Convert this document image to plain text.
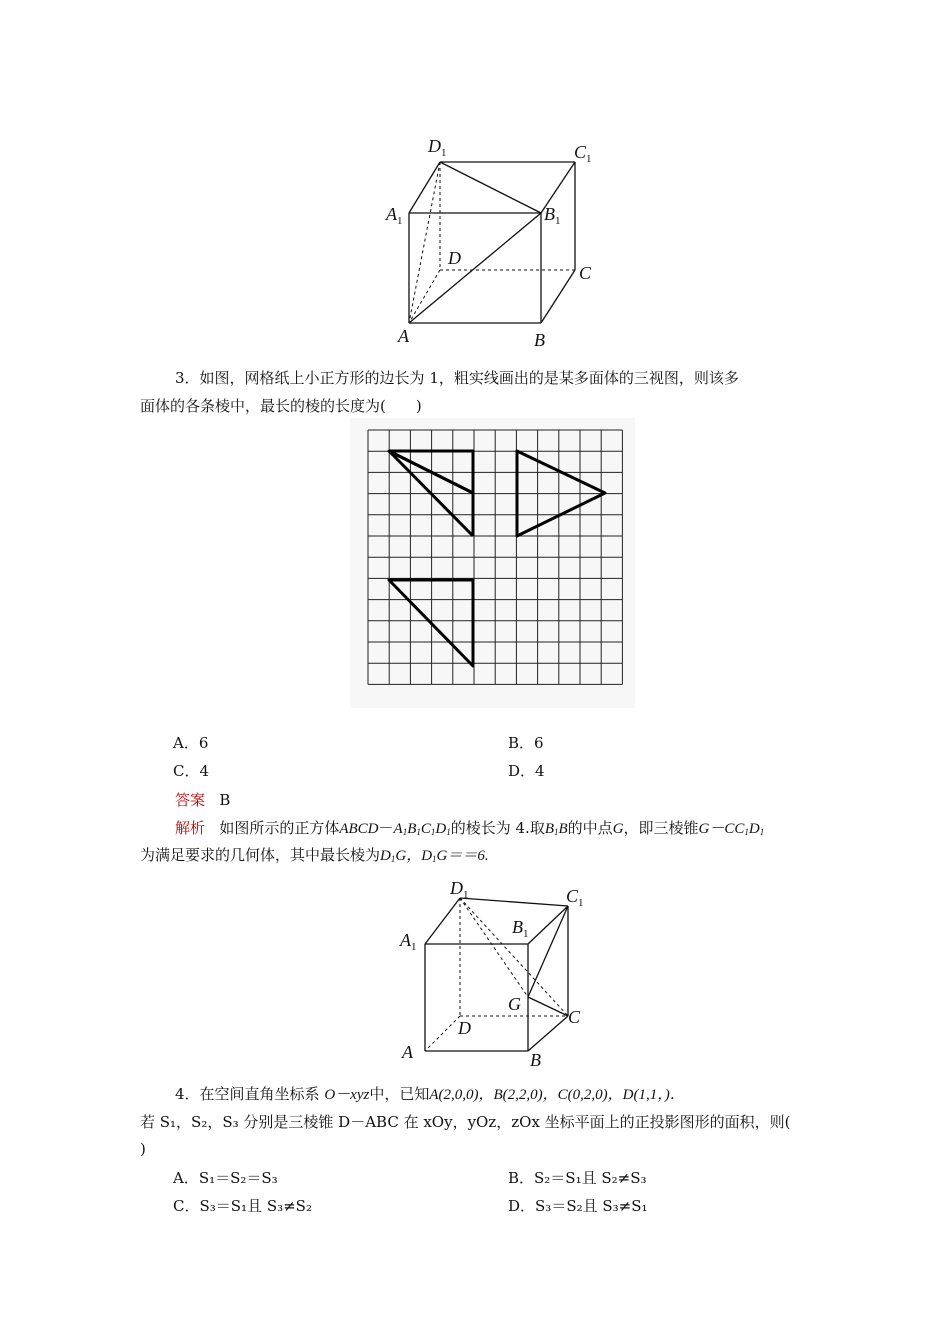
$D_1$	$C_1$
$A_1$	$B_1$
D
C
A	B
3．如图，网格纸上小正方形的边长为 1，粗实线画出的是某多面体的三视图，则该多
面体的各条棱中，最长的棱的长度为(　　)
A．6	B．6
C．4	D．4
答案 B
解析 如图所示的正方体$ABCD-A_1B_1C_1D_1$的棱长为 4.取$B_1B$的中点G，即三棱锥$G-CC_1D_1$
为满足要求的几何体，其中最长棱为$D_1G$，$D_1G==6$.
$D_1$	$C_1$
$A_1$
$B_1$
G
C
D
A	B
4．在空间直角坐标系 O－xyz中，已知A(2,0,0)，B(2,2,0)，C(0,2,0)，D(1,1，)．
若 S₁，S₂，S₃ 分别是三棱锥 D－ABC 在 xOy，yOz，zOx 坐标平面上的正投影图形的面积，则(
)
A．S₁＝S₂＝S₃	B．S₂＝S₁且 S₂≠S₃
C．S₃＝S₁且 S₃≠S₂	D．S₃＝S₂且 S₃≠S₁
